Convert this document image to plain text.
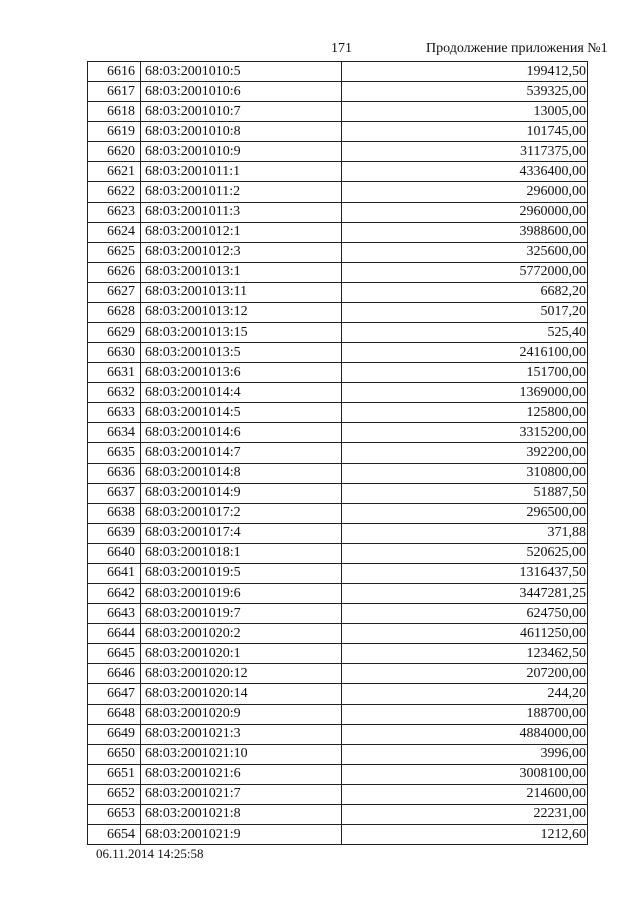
171	Продолжение приложения №1
6616	68:03:2001010:5	199412,50
6617	68:03:2001010:6	539325,00
6618	68:03:2001010:7	13005,00
6619	68:03:2001010:8	101745,00
6620	68:03:2001010:9	3117375,00
6621	68:03:2001011:1	4336400,00
6622	68:03:2001011:2	296000,00
6623	68:03:2001011:3	2960000,00
6624	68:03:2001012:1	3988600,00
6625	68:03:2001012:3	325600,00
6626	68:03:2001013:1	5772000,00
6627	68:03:2001013:11	6682,20
6628	68:03:2001013:12	5017,20
6629	68:03:2001013:15	525,40
6630	68:03:2001013:5	2416100,00
6631	68:03:2001013:6	151700,00
6632	68:03:2001014:4	1369000,00
6633	68:03:2001014:5	125800,00
6634	68:03:2001014:6	3315200,00
6635	68:03:2001014:7	392200,00
6636	68:03:2001014:8	310800,00
6637	68:03:2001014:9	51887,50
6638	68:03:2001017:2	296500,00
6639	68:03:2001017:4	371,88
6640	68:03:2001018:1	520625,00
6641	68:03:2001019:5	1316437,50
6642	68:03:2001019:6	3447281,25
6643	68:03:2001019:7	624750,00
6644	68:03:2001020:2	4611250,00
6645	68:03:2001020:1	123462,50
6646	68:03:2001020:12	207200,00
6647	68:03:2001020:14	244,20
6648	68:03:2001020:9	188700,00
6649	68:03:2001021:3	4884000,00
6650	68:03:2001021:10	3996,00
6651	68:03:2001021:6	3008100,00
6652	68:03:2001021:7	214600,00
6653	68:03:2001021:8	22231,00
6654	68:03:2001021:9	1212,60
06.11.2014 14:25:58
